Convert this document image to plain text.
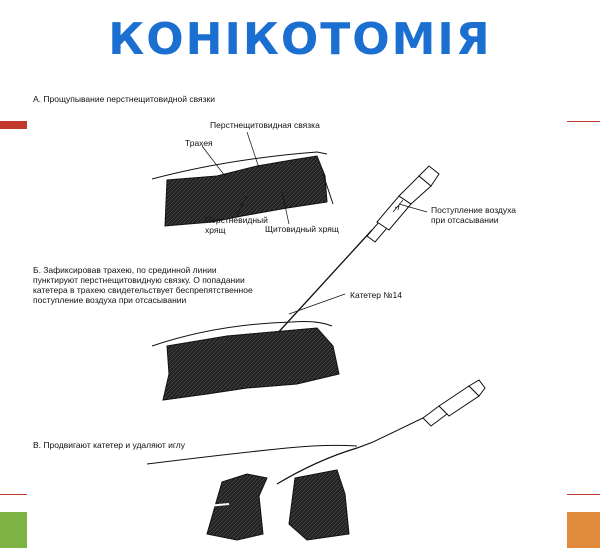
КОНІКОТОМІЯ
А. Прощупывание перстнещитовидной связки
Перстнещитовидная связка
Трахея
Перстневидный
хрящ	Щитовидный хрящ
Поступление воздуха
при отсасывании
Б. Зафиксировав трахею, по срединной линии
пунктируют перстнещитовидную связку. О попадании
катетера в трахею свидетельствует беспрепятственное
поступление воздуха при отсасывании	Катетер №14
В. Продвигают катетер и удаляют иглу
